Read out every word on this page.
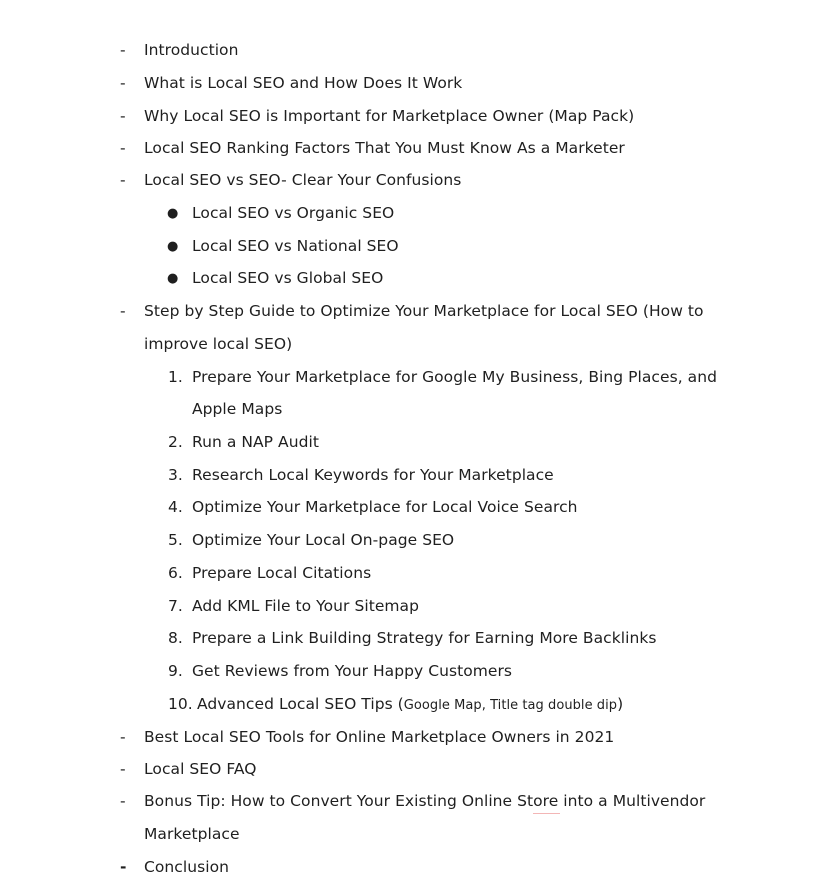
- Introduction
- What is Local SEO and How Does It Work
- Why Local SEO is Important for Marketplace Owner (Map Pack)
- Local SEO Ranking Factors That You Must Know As a Marketer
- Local SEO vs SEO- Clear Your Confusions
● Local SEO vs Organic SEO
● Local SEO vs National SEO
● Local SEO vs Global SEO
- Step by Step Guide to Optimize Your Marketplace for Local SEO (How to
improve local SEO)
1. Prepare Your Marketplace for Google My Business, Bing Places, and
Apple Maps
2. Run a NAP Audit
3. Research Local Keywords for Your Marketplace
4. Optimize Your Marketplace for Local Voice Search
5. Optimize Your Local On-page SEO
6. Prepare Local Citations
7. Add KML File to Your Sitemap
8. Prepare a Link Building Strategy for Earning More Backlinks
9. Get Reviews from Your Happy Customers
10. Advanced Local SEO Tips (Google Map, Title tag double dip)
- Best Local SEO Tools for Online Marketplace Owners in 2021
- Local SEO FAQ
- Bonus Tip: How to Convert Your Existing Online Store into a Multivendor
Marketplace
- Conclusion
